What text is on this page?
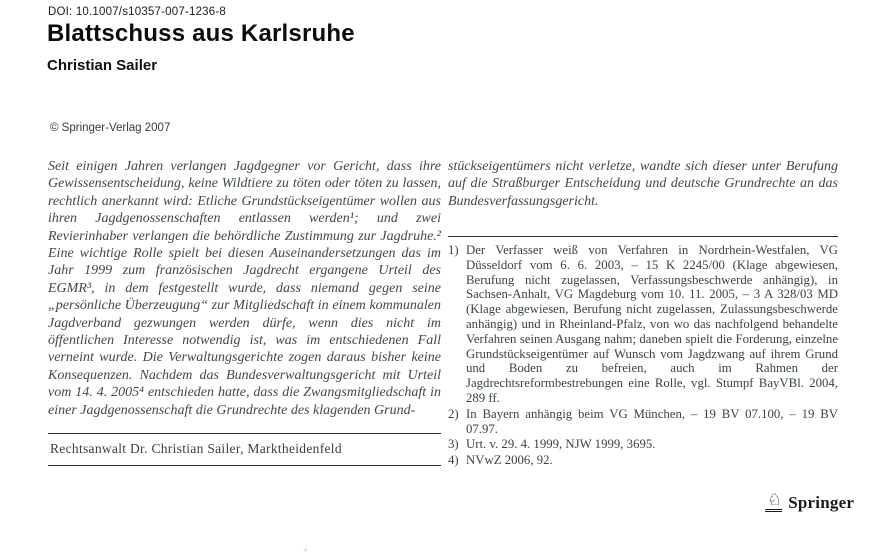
DOI: 10.1007/s10357-007-1236-8
Blattschuss aus Karlsruhe
Christian Sailer
© Springer-Verlag 2007

Seit einigen Jahren verlangen Jagdgegner vor Gericht, dass ihre Gewissensentscheidung, keine Wildtiere zu töten oder töten zu lassen, rechtlich anerkannt wird: Etliche Grundstückseigentümer wollen aus ihren Jagdgenossenschaften entlassen werden¹; und zwei Revierinhaber verlangen die behördliche Zustimmung zur Jagdruhe.² Eine wichtige Rolle spielt bei diesen Auseinandersetzungen das im Jahr 1999 zum französischen Jagdrecht ergangene Urteil des EGMR³, in dem festgestellt wurde, dass niemand gegen seine „persönliche Überzeugung“ zur Mitgliedschaft in einem kommunalen Jagdverband gezwungen werden dürfe, wenn dies nicht im öffentlichen Interesse notwendig ist, was im entschiedenen Fall verneint wurde. Die Verwaltungsgerichte zogen daraus bisher keine Konsequenzen. Nachdem das Bundesverwaltungsgericht mit Urteil vom 14. 4. 2005⁴ entschieden hatte, dass die Zwangsmitgliedschaft in einer Jagdgenossenschaft die Grundrechte des klagenden Grund-

stückseigentümers nicht verletze, wandte sich dieser unter Berufung auf die Straßburger Entscheidung und deutsche Grundrechte an das Bundesverfassungsgericht.

Rechtsanwalt Dr. Christian Sailer, Marktheidenfeld
1) Der Verfasser weiß von Verfahren in Nordrhein-Westfalen, VG Düsseldorf vom 6. 6. 2003, – 15 K 2245/00 (Klage abgewiesen, Berufung nicht zugelassen, Verfassungsbeschwerde anhängig), in Sachsen-Anhalt, VG Magdeburg vom 10. 11. 2005, – 3 A 328/03 MD (Klage abgewiesen, Berufung nicht zugelassen, Zulassungsbeschwerde anhängig) und in Rheinland-Pfalz, von wo das nachfolgend behandelte Verfahren seinen Ausgang nahm; daneben spielt die Forderung, einzelne Grundstückseigentümer auf Wunsch vom Jagdzwang auf ihrem Grund und Boden zu befreien, auch im Rahmen der Jagdrechtsreformbestrebungen eine Rolle, vgl. Stumpf BayVBl. 2004, 289 ff.
2) In Bayern anhängig beim VG München, – 19 BV 07.100, – 19 BV 07.97.
3) Urt. v. 29. 4. 1999, NJW 1999, 3695.
4) NVwZ 2006, 92.
♘ Springer
+
